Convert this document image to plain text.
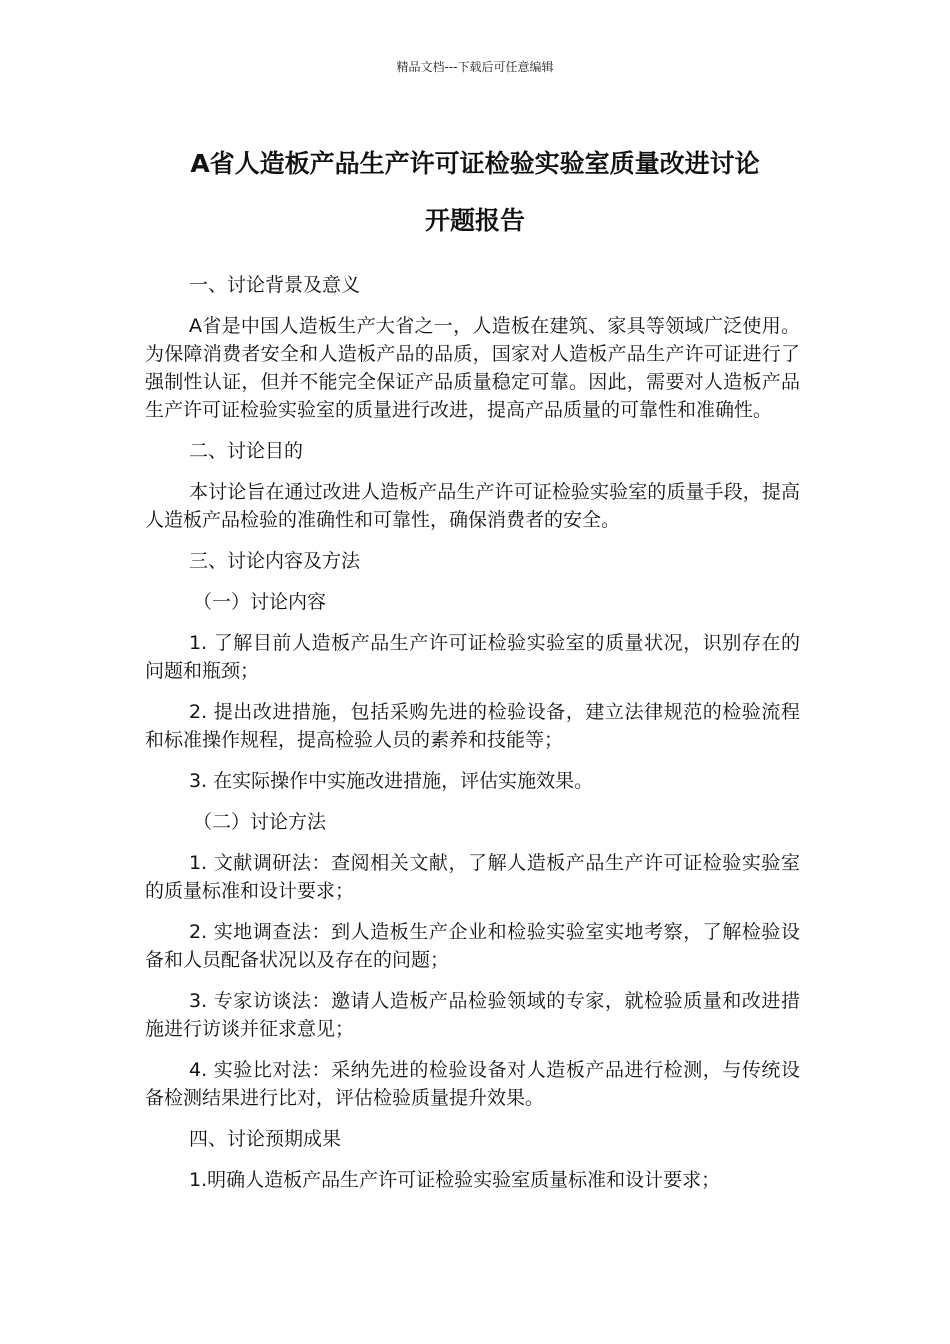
精品文档---下载后可任意编辑
A省人造板产品生产许可证检验实验室质量改进讨论
开题报告

一、讨论背景及意义

A省是中国人造板生产大省之一，人造板在建筑、家具等领域广泛使用。为保障消费者安全和人造板产品的品质，国家对人造板产品生产许可证进行了强制性认证，但并不能完全保证产品质量稳定可靠。因此，需要对人造板产品生产许可证检验实验室的质量进行改进，提高产品质量的可靠性和准确性。

二、讨论目的

本讨论旨在通过改进人造板产品生产许可证检验实验室的质量手段，提高人造板产品检验的准确性和可靠性，确保消费者的安全。

三、讨论内容及方法

（一）讨论内容

1. 了解目前人造板产品生产许可证检验实验室的质量状况，识别存在的问题和瓶颈；

2. 提出改进措施，包括采购先进的检验设备，建立法律规范的检验流程和标准操作规程，提高检验人员的素养和技能等；

3. 在实际操作中实施改进措施，评估实施效果。

（二）讨论方法

1. 文献调研法：查阅相关文献，了解人造板产品生产许可证检验实验室的质量标准和设计要求；

2. 实地调查法：到人造板生产企业和检验实验室实地考察，了解检验设备和人员配备状况以及存在的问题；

3. 专家访谈法：邀请人造板产品检验领域的专家，就检验质量和改进措施进行访谈并征求意见；

4. 实验比对法：采纳先进的检验设备对人造板产品进行检测，与传统设备检测结果进行比对，评估检验质量提升效果。

四、讨论预期成果

1.明确人造板产品生产许可证检验实验室质量标准和设计要求；
